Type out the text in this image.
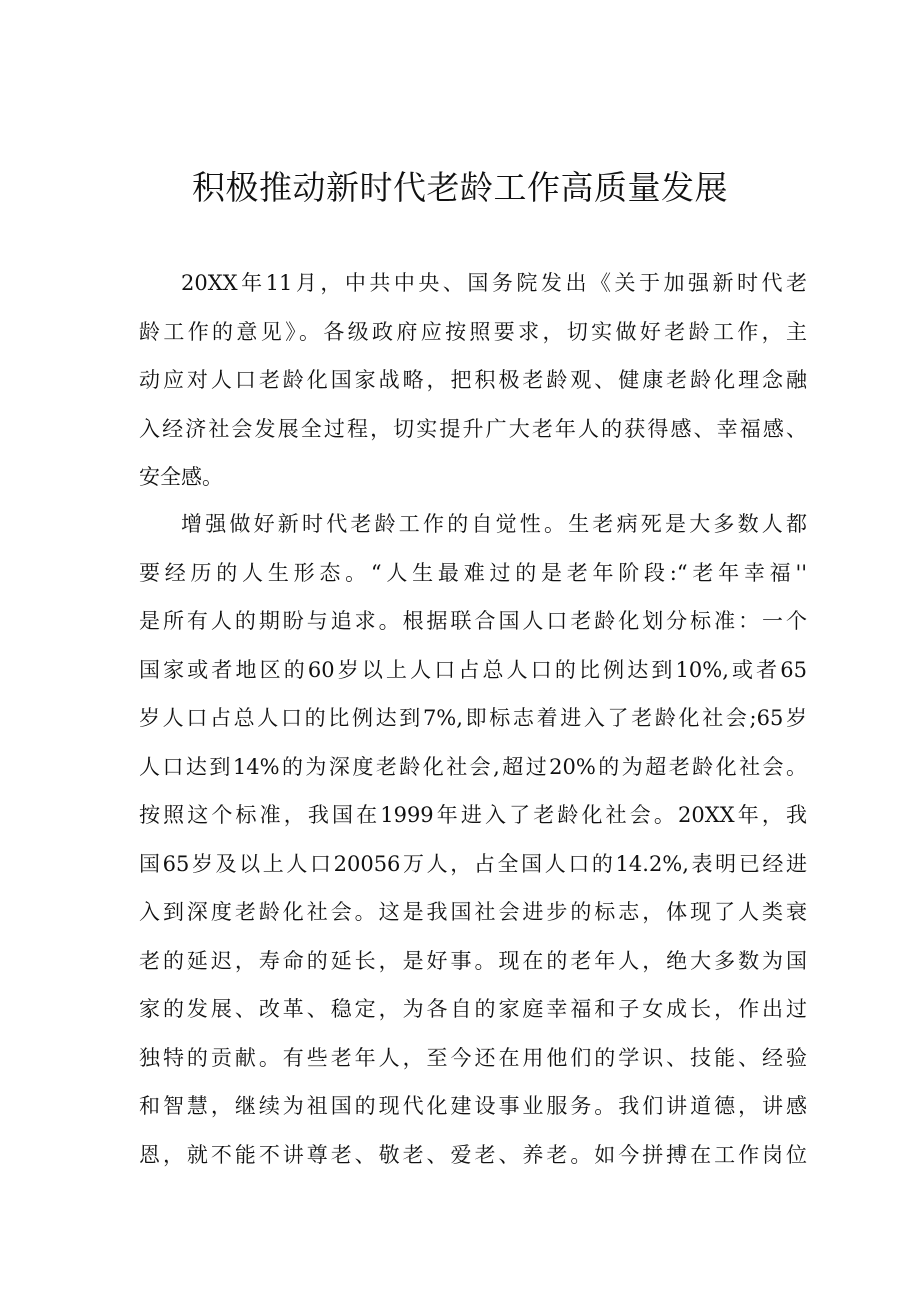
积极推动新时代老龄工作高质量发展
20XX年11月，中共中央、国务院发出《关于加强新时代老
龄工作的意见》。各级政府应按照要求，切实做好老龄工作，主
动应对人口老龄化国家战略，把积极老龄观、健康老龄化理念融
入经济社会发展全过程，切实提升广大老年人的获得感、幸福感、
安全感。
增强做好新时代老龄工作的自觉性。生老病死是大多数人都
要经历的人生形态。“人生最难过的是老年阶段:“老年幸福''
是所有人的期盼与追求。根据联合国人口老龄化划分标准：一个
国家或者地区的60岁以上人口占总人口的比例达到10%,或者65
岁人口占总人口的比例达到7%,即标志着进入了老龄化社会;65岁
人口达到14%的为深度老龄化社会,超过20%的为超老龄化社会。
按照这个标准，我国在1999年进入了老龄化社会。20XX年，我
国65岁及以上人口20056万人，占全国人口的14.2%,表明已经进
入到深度老龄化社会。这是我国社会进步的标志，体现了人类衰
老的延迟，寿命的延长，是好事。现在的老年人，绝大多数为国
家的发展、改革、稳定，为各自的家庭幸福和子女成长，作出过
独特的贡献。有些老年人，至今还在用他们的学识、技能、经验
和智慧，继续为祖国的现代化建设事业服务。我们讲道德，讲感
恩，就不能不讲尊老、敬老、爱老、养老。如今拼搏在工作岗位
